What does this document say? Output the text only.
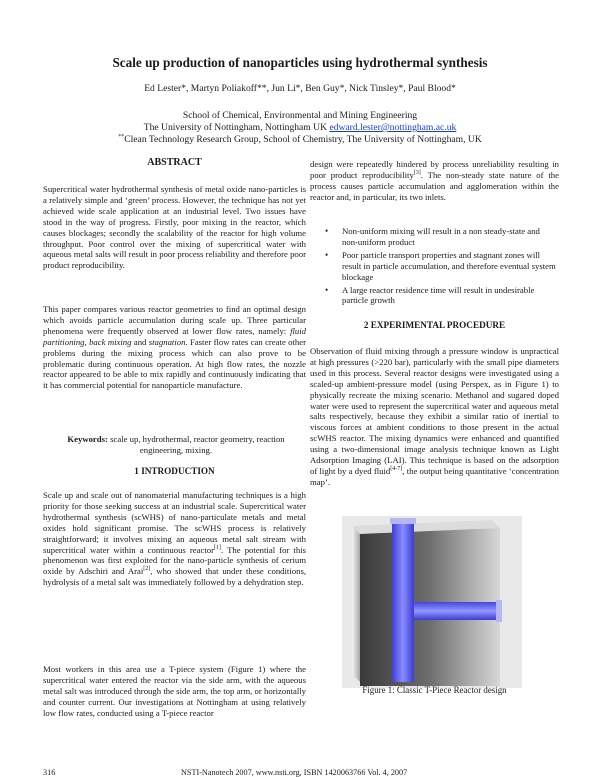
Scale up production of nanoparticles using hydrothermal synthesis
Ed Lester*, Martyn Poliakoff**, Jun Li*, Ben Guy*, Nick Tinsley*, Paul Blood*
School of Chemical, Environmental and Mining Engineering
The University of Nottingham, Nottingham UK edward.lester@nottingham.ac.uk
**Clean Technology Research Group, School of Chemistry, The University of Nottingham, UK
ABSTRACT
Supercritical water hydrothermal synthesis of metal oxide nano-particles is a relatively simple and ‘green’ process. However, the technique has not yet achieved wide scale application at an industrial level. Two issues have stood in the way of progress. Firstly, poor mixing in the reactor, which causes blockages; secondly the scalability of the reactor for high volume throughput. Poor control over the mixing of supercritical water with aqueous metal salts will result in poor process reliability and therefore poor product reproducibility.
This paper compares various reactor geometries to find an optimal design which avoids particle accumulation during scale up. Three particular phenomena were frequently observed at lower flow rates, namely: fluid partitioning, back mixing and stagnation. Faster flow rates can create other problems during the mixing process which can also prove to be problematic during continuous operation. At high flow rates, the nozzle reactor appeared to be able to mix rapidly and continuously indicating that it has commercial potential for nanoparticle manufacture.
Keywords: scale up, hydrothermal, reactor geometry, reaction engineering, mixing.
1 INTRODUCTION
Scale up and scale out of nanomaterial manufacturing techniques is a high priority for those seeking success at an industrial scale. Supercritical water hydrothermal synthesis (scWHS) of nano-particulate metals and metal oxides hold significant promise. The scWHS process is relatively straightforward; it involves mixing an aqueous metal salt stream with supercritical water within a continuous reactor[1]. The potential for this phenomenon was first exploited for the nano-particle synthesis of cerium oxide by Adschiri and Arai[2], who showed that under these conditions, hydrolysis of a metal salt was immediately followed by a dehydration step.
Most workers in this area use a T-piece system (Figure 1) where the supercritical water entered the reactor via the side arm, with the aqueous metal salt was introduced through the side arm, the top arm, or horizontally and counter current. Our investigations at Nottingham at using relatively low flow rates, conducted using a T-piece reactor
design were repeatedly hindered by process unreliability resulting in poor product reproducibility[3]. The non-steady state nature of the process causes particle accumulation and agglomeration within the reactor and, in particular, its two inlets.
• Non-uniform mixing will result in a non steady-state and non-uniform product
• Poor particle transport properties and stagnant zones will result in particle accumulation, and therefore eventual system blockage
• A large reactor residence time will result in undesirable particle growth
2 EXPERIMENTAL PROCEDURE
Observation of fluid mixing through a pressure window is unpractical at high pressures (>220 bar), particularly with the small pipe diameters used in this process. Several reactor designs were investigated using a scaled-up ambient-pressure model (using Perspex, as in Figure 1) to physically recreate the mixing scenario. Methanol and sugared doped water were used to represent the supercritical water and aqueous metal salts respectively, because they exhibit a similar ratio of inertial to viscous forces at ambient conditions to those present in the actual scWHS reactor. The mixing dynamics were enhanced and quantified using a two-dimensional image analysis technique known as Light Adsorption Imaging (LAI). This technique is based on the adsorption of light by a dyed fluid[4-7], the output being quantitative ‘concentration map’.
Figure 1: Classic T-Piece Reactor design
316	NSTI-Nanotech 2007, www.nsti.org, ISBN 1420063766 Vol. 4, 2007
